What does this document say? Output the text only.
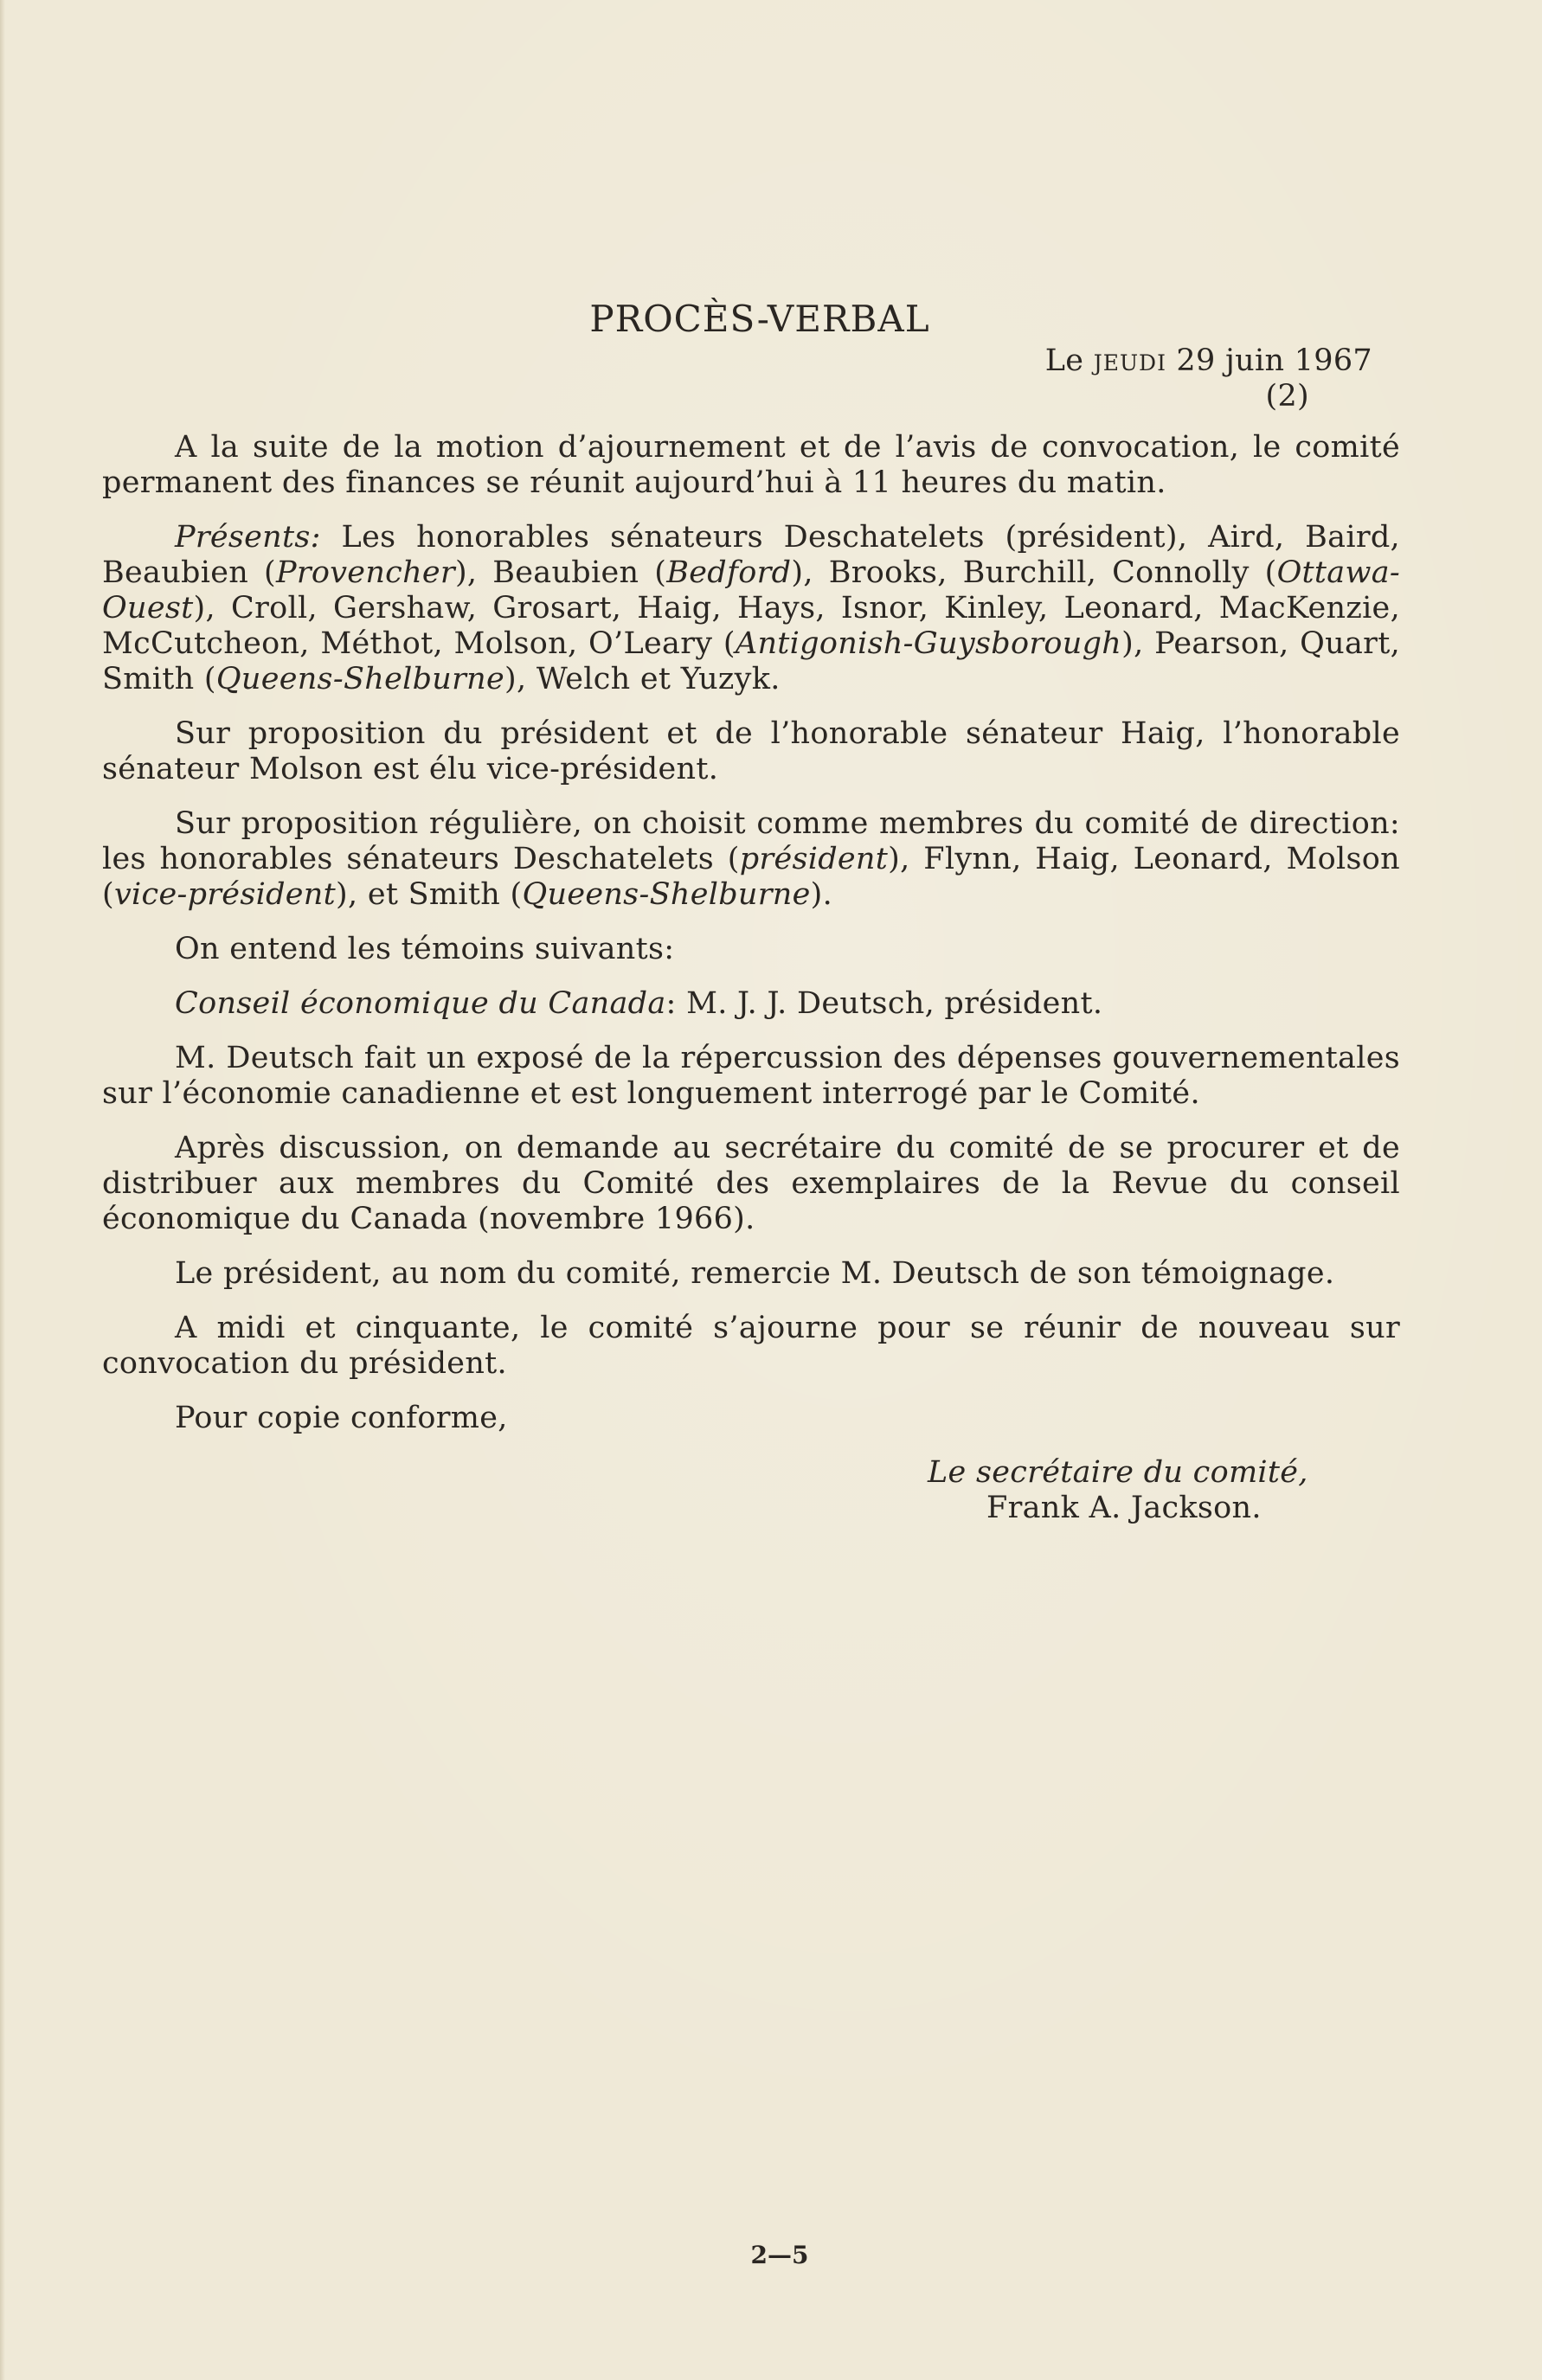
PROCÈS-VERBAL

Le jeudi 29 juin 1967

(2)

A la suite de la motion d’ajournement et de l’avis de convocation, le comité permanent des finances se réunit aujourd’hui à 11 heures du matin.

Présents: Les honorables sénateurs Deschatelets (président), Aird, Baird, Beaubien (Provencher), Beaubien (Bedford), Brooks, Burchill, Connolly (Ottawa-Ouest), Croll, Gershaw, Grosart, Haig, Hays, Isnor, Kinley, Leonard, MacKenzie, McCutcheon, Méthot, Molson, O’Leary (Antigonish-Guysborough), Pearson, Quart, Smith (Queens-Shelburne), Welch et Yuzyk.

Sur proposition du président et de l’honorable sénateur Haig, l’honorable sénateur Molson est élu vice-président.

Sur proposition régulière, on choisit comme membres du comité de direction: les honorables sénateurs Deschatelets (président), Flynn, Haig, Leonard, Molson (vice-président), et Smith (Queens-Shelburne).

On entend les témoins suivants:

Conseil économique du Canada: M. J. J. Deutsch, président.

M. Deutsch fait un exposé de la répercussion des dépenses gouvernementales sur l’économie canadienne et est longuement interrogé par le Comité.

Après discussion, on demande au secrétaire du comité de se procurer et de distribuer aux membres du Comité des exemplaires de la Revue du conseil économique du Canada (novembre 1966).

Le président, au nom du comité, remercie M. Deutsch de son témoignage.

A midi et cinquante, le comité s’ajourne pour se réunir de nouveau sur convocation du président.

Pour copie conforme,

Le secrétaire du comité,

Frank A. Jackson.

2—5
